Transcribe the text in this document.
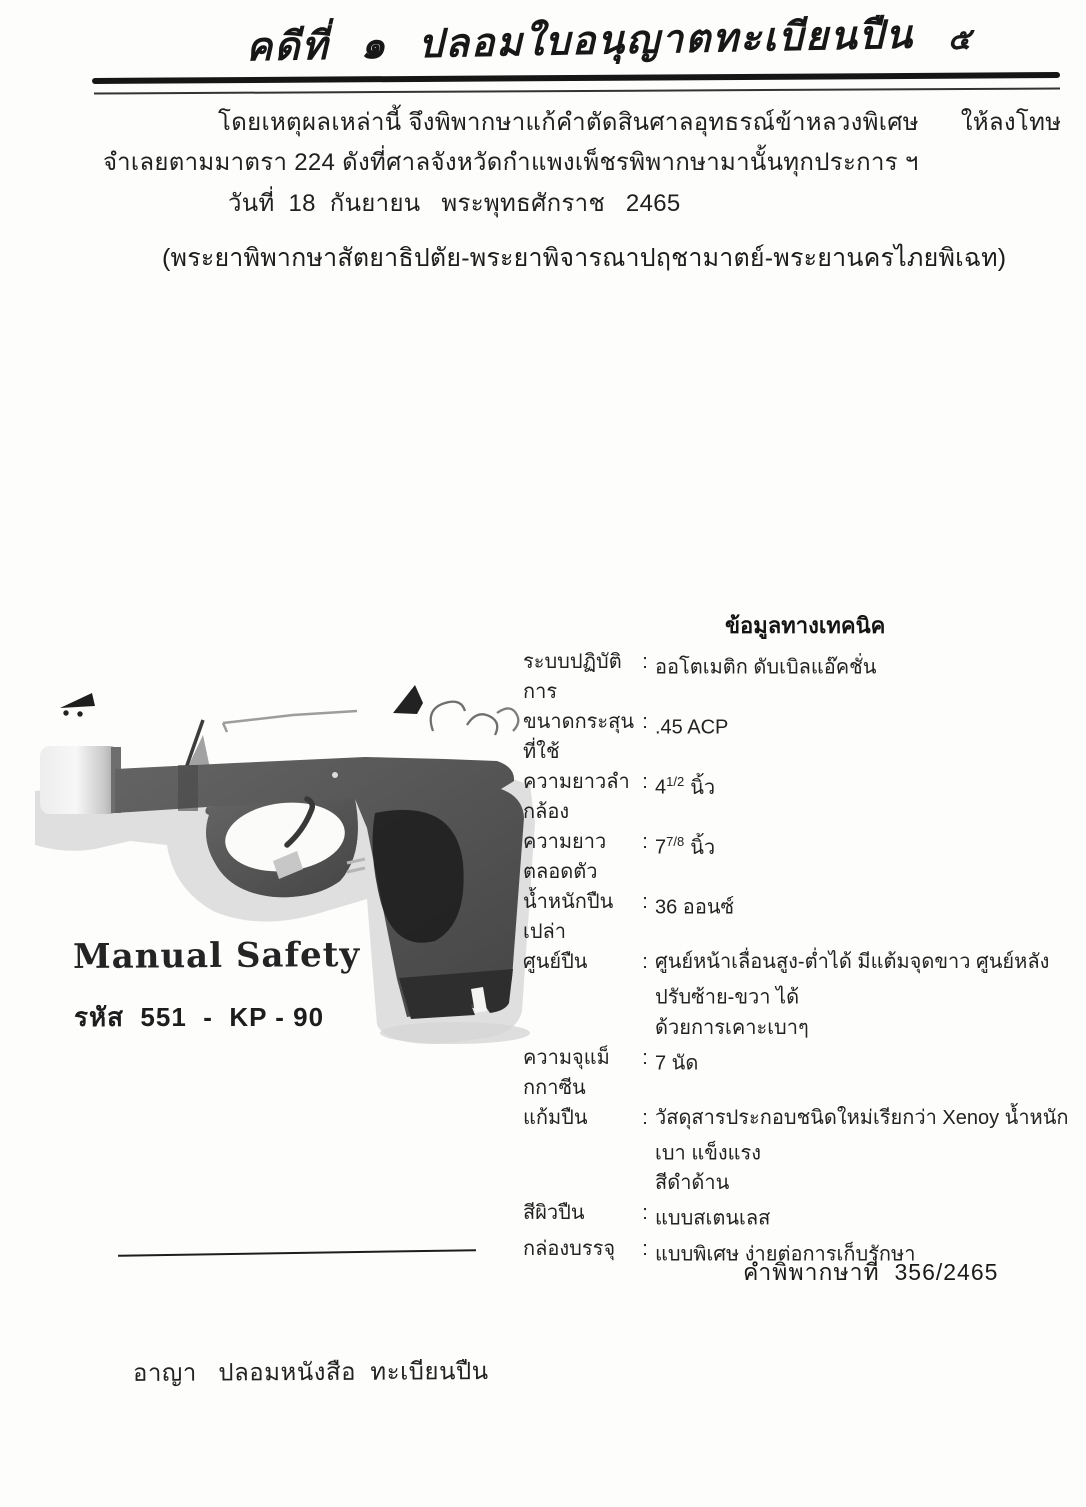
คดีที่  ๑  ปลอมใบอนุญาตทะเบียนปืน ๕
โดยเหตุผลเหล่านี้ จึงพิพากษาแก้คำตัดสินศาลอุทธรณ์ข้าหลวงพิเศษ      ให้ลงโทษ
จำเลยตามมาตรา 224 ดังที่ศาลจังหวัดกำแพงเพ็ชรพิพากษามานั้นทุกประการ ฯ
วันที่  18  กันยายน   พระพุทธศักราช   2465
(พระยาพิพากษาสัตยาธิปตัย-พระยาพิจารณาปฤชามาตย์-พระยานครไภยพิเฉท)

Manual Safety
รหัส  551  -  KP - 90
ข้อมูลทางเทคนิค
ระบบปฏิบัติการ
: ออโตเมติก ดับเบิลแอ๊คชั่น
ขนาดกระสุนที่ใช้
: .45 ACP
ความยาวลำกล้อง
: $4^{1/2}$ นิ้ว
ความยาวตลอดตัว
: $7^{7/8}$ นิ้ว
น้ำหนักปืนเปล่า
: 36 ออนซ์
ศูนย์ปืน	: ศูนย์หน้าเลื่อนสูง-ต่ำได้ มีแต้มจุดขาว ศูนย์หลังปรับซ้าย-ขวา ได้
ด้วยการเคาะเบาๆ
ความจุแม็กกาซีน
: 7 นัด
แก้มปืน	: วัสดุสารประกอบชนิดใหม่เรียกว่า Xenoy น้ำหนักเบา แข็งแรง
สีดำด้าน
สีผิวปืน	: แบบสเตนเลส
กล่องบรรจุ	: แบบพิเศษ ง่ายต่อการเก็บรักษา
คำพิพากษาที่  356/2465
อาญา   ปลอมหนังสือ  ทะเบียนปืน
